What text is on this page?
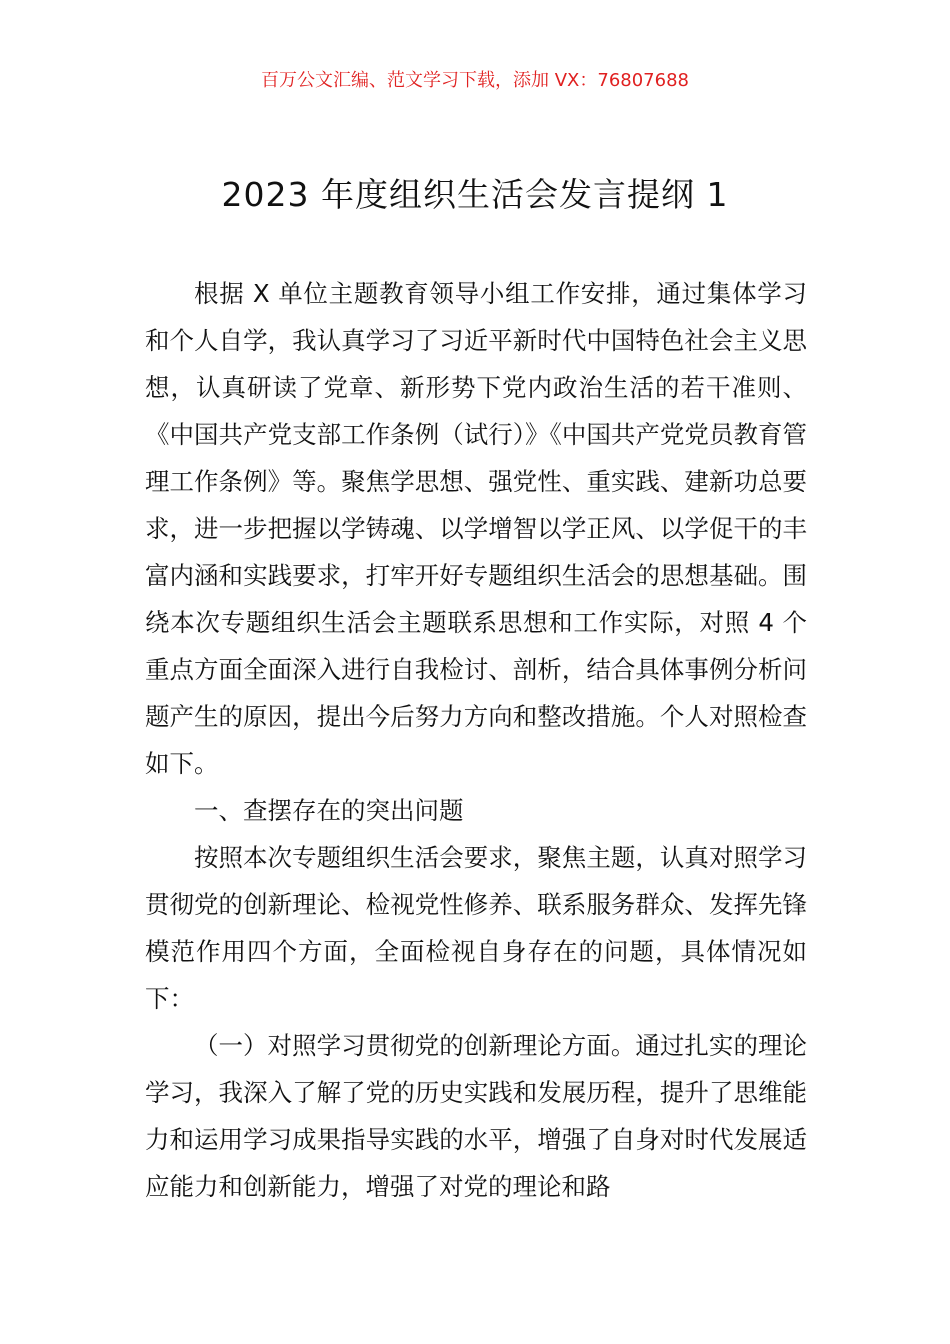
百万公文汇编、范文学习下载，添加 VX：76807688
2023 年度组织生活会发言提纲 1

根据 X 单位主题教育领导小组工作安排，通过集体学习和个人自学，我认真学习了习近平新时代中国特色社会主义思想，认真研读了党章、新形势下党内政治生活的若干准则、《中国共产党支部工作条例（试行）》《中国共产党党员教育管理工作条例》等。聚焦学思想、强党性、重实践、建新功总要求，进一步把握以学铸魂、以学增智以学正风、以学促干的丰富内涵和实践要求，打牢开好专题组织生活会的思想基础。围绕本次专题组织生活会主题联系思想和工作实际，对照 4 个重点方面全面深入进行自我检讨、剖析，结合具体事例分析问题产生的原因，提出今后努力方向和整改措施。个人对照检查如下。

一、查摆存在的突出问题

按照本次专题组织生活会要求，聚焦主题，认真对照学习贯彻党的创新理论、检视党性修养、联系服务群众、发挥先锋模范作用四个方面，全面检视自身存在的问题，具体情况如下：

（一）对照学习贯彻党的创新理论方面。通过扎实的理论学习，我深入了解了党的历史实践和发展历程，提升了思维能力和运用学习成果指导实践的水平，增强了自身对时代发展适应能力和创新能力，增强了对党的理论和路
